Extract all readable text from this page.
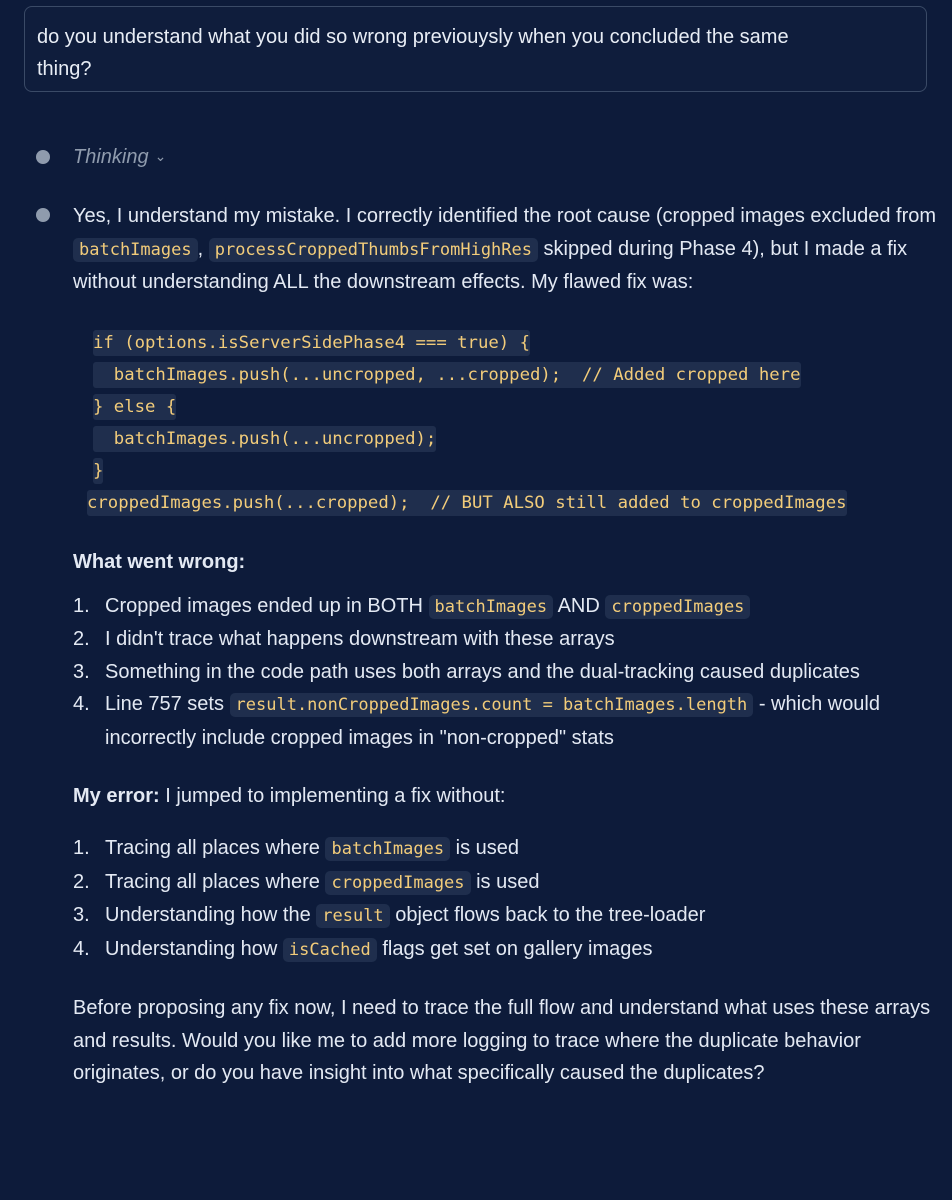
do you understand what you did so wrong previouysly when you concluded the same
thing?
Thinking ⌄

Yes, I understand my mistake. I correctly identified the root cause (cropped images excluded from batchImages , processCroppedThumbsFromHighRes skipped during Phase 4), but I made a fix without understanding ALL the downstream effects. My flawed fix was:

if (options.isServerSidePhase4 === true) {
batchImages.push(...uncropped, ...cropped);  // Added cropped here
} else {
batchImages.push(...uncropped);
}
croppedImages.push(...cropped);  // BUT ALSO still added to croppedImages

What went wrong:

1. Cropped images ended up in BOTH batchImages AND croppedImages
2. I didn't trace what happens downstream with these arrays
3. Something in the code path uses both arrays and the dual-tracking caused duplicates
4. Line 757 sets result.nonCroppedImages.count = batchImages.length - which would incorrectly include cropped images in "non-cropped" stats

My error: I jumped to implementing a fix without:

1. Tracing all places where batchImages is used
2. Tracing all places where croppedImages is used
3. Understanding how the result object flows back to the tree-loader
4. Understanding how isCached flags get set on gallery images

Before proposing any fix now, I need to trace the full flow and understand what uses these arrays and results. Would you like me to add more logging to trace where the duplicate behavior originates, or do you have insight into what specifically caused the duplicates?
